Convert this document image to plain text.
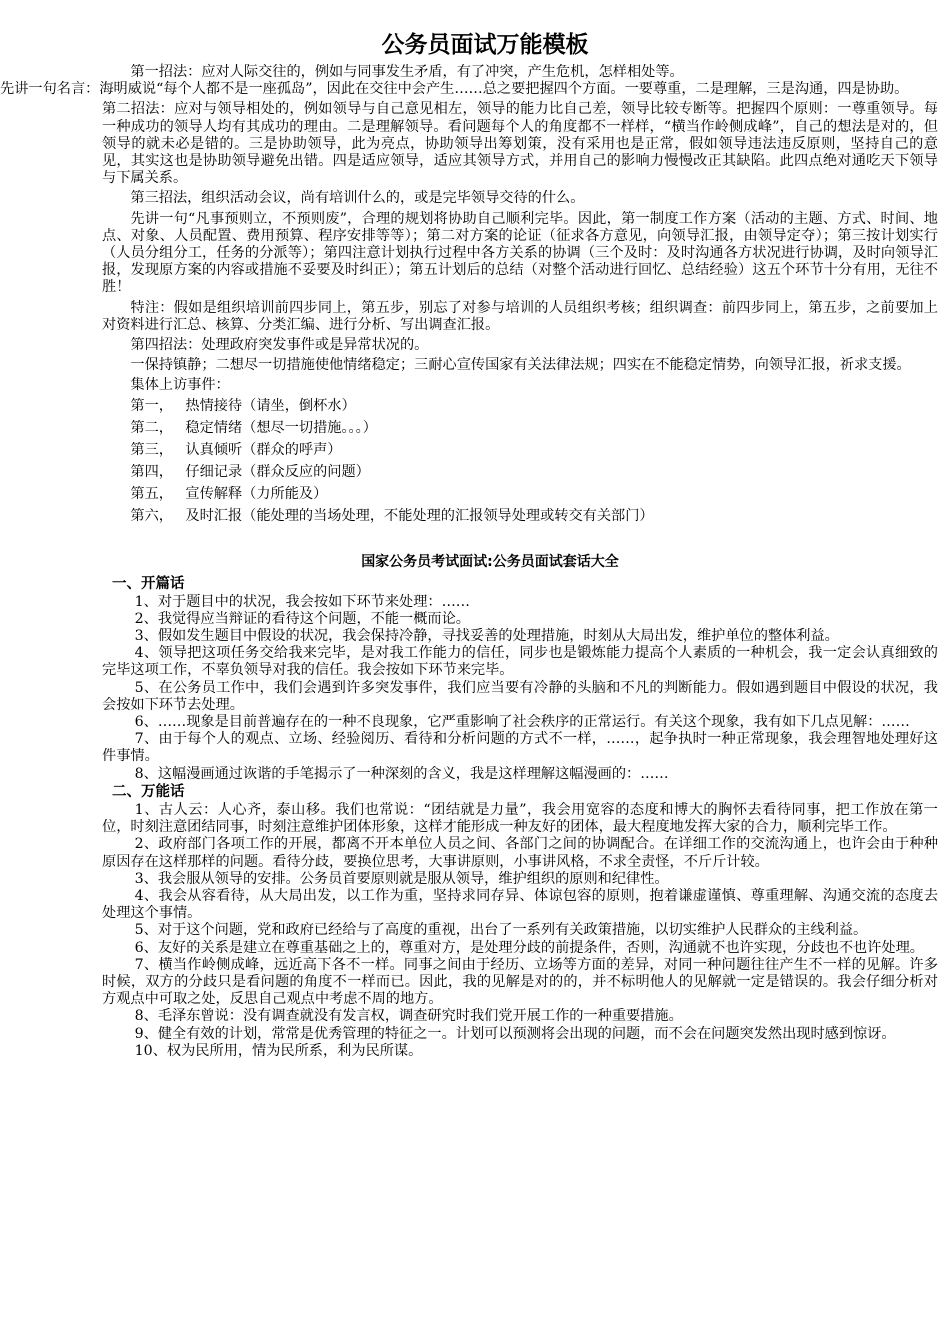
公务员面试万能模板

第一招法：应对人际交往的，例如与同事发生矛盾，有了冲突，产生危机，怎样相处等。

先讲一句名言：海明威说“每个人都不是一座孤岛”，因此在交往中会产生……总之要把握四个方面。一要尊重，二是理解，三是沟通，四是协助。

第二招法：应对与领导相处的，例如领导与自己意见相左，领导的能力比自己差，领导比较专断等。把握四个原则：一尊重领导。每一种成功的领导人均有其成功的理由。二是理解领导。看问题每个人的角度都不一样样，“横当作岭侧成峰”，自己的想法是对的，但领导的就未必是错的。三是协助领导，此为亮点，协助领导出筹划策，没有采用也是正常，假如领导违法违反原则，坚持自己的意见，其实这也是协助领导避免出错。四是适应领导，适应其领导方式，并用自己的影响力慢慢改正其缺陷。此四点绝对通吃天下领导与下属关系。

第三招法，组织活动会议，尚有培训什么的，或是完毕领导交待的什么。

先讲一句“凡事预则立，不预则废”，合理的规划将协助自己顺利完毕。因此，第一制度工作方案（活动的主题、方式、时间、地点、对象、人员配置、费用预算、程序安排等等）；第二对方案的论证（征求各方意见，向领导汇报，由领导定夺）；第三按计划实行（人员分组分工，任务的分派等）；第四注意计划执行过程中各方关系的协调（三个及时：及时沟通各方状况进行协调，及时向领导汇报，发现原方案的内容或措施不妥要及时纠正）；第五计划后的总结（对整个活动进行回忆、总结经验）这五个环节十分有用，无往不胜！

特注：假如是组织培训前四步同上，第五步，别忘了对参与培训的人员组织考核；组织调查：前四步同上，第五步，之前要加上对资料进行汇总、核算、分类汇编、进行分析、写出调查汇报。

第四招法：处理政府突发事件或是异常状况的。

一保持镇静；二想尽一切措施使他情绪稳定；三耐心宣传国家有关法律法规；四实在不能稳定情势，向领导汇报，祈求支援。

集体上访事件：

第一， 热情接待（请坐，倒杯水）

第二， 稳定情绪（想尽一切措施。。。）

第三， 认真倾听（群众的呼声）

第四， 仔细记录（群众反应的问题）

第五， 宣传解释（力所能及）

第六， 及时汇报（能处理的当场处理，不能处理的汇报领导处理或转交有关部门）

国家公务员考试面试:公务员面试套话大全
一、开篇话

1、对于题目中的状况，我会按如下环节来处理：……

2、我觉得应当辩证的看待这个问题，不能一概而论。

3、假如发生题目中假设的状况，我会保持冷静，寻找妥善的处理措施，时刻从大局出发，维护单位的整体利益。

4、领导把这项任务交给我来完毕，是对我工作能力的信任，同步也是锻炼能力提高个人素质的一种机会，我一定会认真细致的完毕这项工作，不辜负领导对我的信任。我会按如下环节来完毕。

5、在公务员工作中，我们会遇到许多突发事件，我们应当要有冷静的头脑和不凡的判断能力。假如遇到题目中假设的状况，我会按如下环节去处理。

6、……现象是目前普遍存在的一种不良现象，它严重影响了社会秩序的正常运行。有关这个现象，我有如下几点见解：……

7、由于每个人的观点、立场、经验阅历、看待和分析问题的方式不一样，……，起争执时一种正常现象，我会理智地处理好这件事情。

8、这幅漫画通过诙谐的手笔揭示了一种深刻的含义，我是这样理解这幅漫画的：……

二、万能话

1、古人云：人心齐，泰山移。我们也常说：“团结就是力量”，我会用宽容的态度和博大的胸怀去看待同事，把工作放在第一位，时刻注意团结同事，时刻注意维护团体形象，这样才能形成一种友好的团体，最大程度地发挥大家的合力，顺利完毕工作。

2、政府部门各项工作的开展，都离不开本单位人员之间、各部门之间的协调配合。在详细工作的交流沟通上，也许会由于种种原因存在这样那样的问题。看待分歧，要换位思考，大事讲原则，小事讲风格，不求全责怪，不斤斤计较。

3、我会服从领导的安排。公务员首要原则就是服从领导，维护组织的原则和纪律性。

4、我会从容看待，从大局出发，以工作为重，坚持求同存异、体谅包容的原则，抱着谦虚谨慎、尊重理解、沟通交流的态度去处理这个事情。

5、对于这个问题，党和政府已经给与了高度的重视，出台了一系列有关政策措施，以切实维护人民群众的主线利益。

6、友好的关系是建立在尊重基础之上的，尊重对方，是处理分歧的前提条件，否则，沟通就不也许实现，分歧也不也许处理。

7、横当作岭侧成峰，远近高下各不一样。同事之间由于经历、立场等方面的差异，对同一种问题往往产生不一样的见解。许多时候，双方的分歧只是看问题的角度不一样而已。因此，我的见解是对的的，并不标明他人的见解就一定是错误的。我会仔细分析对方观点中可取之处，反思自己观点中考虑不周的地方。

8、毛泽东曾说：没有调查就没有发言权，调查研究时我们党开展工作的一种重要措施。

9、健全有效的计划，常常是优秀管理的特征之一。计划可以预测将会出现的问题，而不会在问题突发然出现时感到惊讶。

10、权为民所用，情为民所系，利为民所谋。
